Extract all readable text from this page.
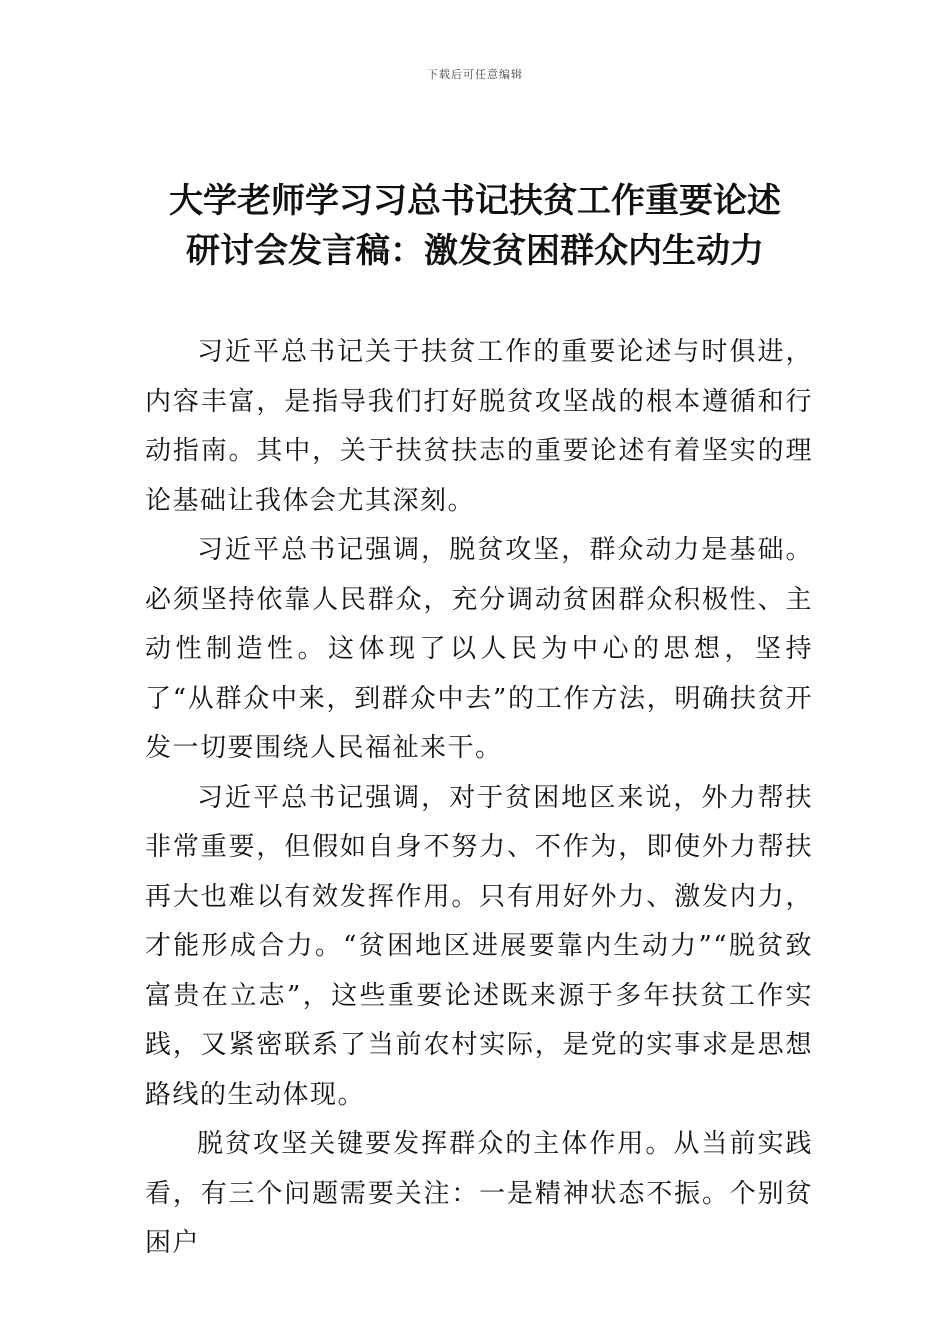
下载后可任意编辑
大学老师学习习总书记扶贫工作重要论述
研讨会发言稿：激发贫困群众内生动力

习近平总书记关于扶贫工作的重要论述与时俱进，内容丰富，是指导我们打好脱贫攻坚战的根本遵循和行动指南。其中，关于扶贫扶志的重要论述有着坚实的理论基础让我体会尤其深刻。

习近平总书记强调，脱贫攻坚，群众动力是基础。必须坚持依靠人民群众，充分调动贫困群众积极性、主动性制造性。这体现了以人民为中心的思想，坚持了“从群众中来，到群众中去”的工作方法，明确扶贫开发一切要围绕人民福祉来干。

习近平总书记强调，对于贫困地区来说，外力帮扶非常重要，但假如自身不努力、不作为，即使外力帮扶再大也难以有效发挥作用。只有用好外力、激发内力，才能形成合力。“贫困地区进展要靠内生动力”“脱贫致富贵在立志”，这些重要论述既来源于多年扶贫工作实践，又紧密联系了当前农村实际，是党的实事求是思想路线的生动体现。

脱贫攻坚关键要发挥群众的主体作用。从当前实践看，有三个问题需要关注：一是精神状态不振。个别贫困户
